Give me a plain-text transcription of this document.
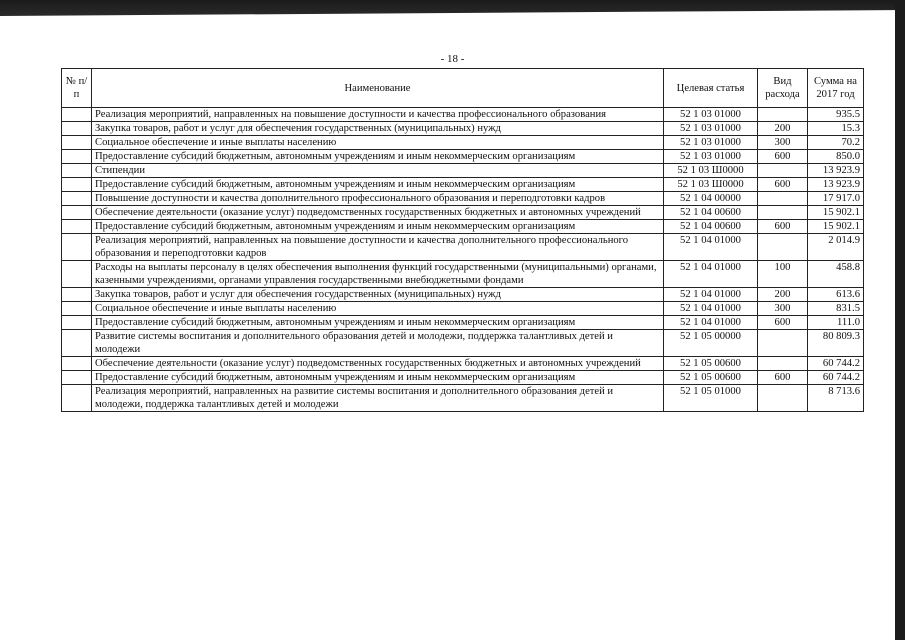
- 18 -
№ п/п	Наименование	Целевая статья	Вид расхода	Сумма на 2017 год
	Реализация мероприятий, направленных на повышение доступности и качества профессионального образования	52 1 03 01000		935.5
	Закупка товаров, работ и услуг для обеспечения государственных (муниципальных) нужд	52 1 03 01000	200	15.3
	Социальное обеспечение и иные выплаты населению	52 1 03 01000	300	70.2
	Предоставление субсидий бюджетным, автономным учреждениям и иным некоммерческим организациям	52 1 03 01000	600	850.0
	Стипендии	52 1 03 Ш0000		13 923.9
	Предоставление субсидий бюджетным, автономным учреждениям и иным некоммерческим организациям	52 1 03 Ш0000	600	13 923.9
	Повышение доступности и качества дополнительного профессионального образования и переподготовки кадров	52 1 04 00000		17 917.0
	Обеспечение деятельности (оказание услуг) подведомственных государственных бюджетных и автономных учреждений	52 1 04 00600		15 902.1
	Предоставление субсидий бюджетным, автономным учреждениям и иным некоммерческим организациям	52 1 04 00600	600	15 902.1
	Реализация мероприятий, направленных на повышение доступности и качества дополнительного профессионального образования и переподготовки кадров	52 1 04 01000		2 014.9
	Расходы на выплаты персоналу в целях обеспечения выполнения функций государственными (муниципальными) органами, казенными учреждениями, органами управления государственными внебюджетными фондами	52 1 04 01000	100	458.8
	Закупка товаров, работ и услуг для обеспечения государственных (муниципальных) нужд	52 1 04 01000	200	613.6
	Социальное обеспечение и иные выплаты населению	52 1 04 01000	300	831.5
	Предоставление субсидий бюджетным, автономным учреждениям и иным некоммерческим организациям	52 1 04 01000	600	111.0
	Развитие системы воспитания и дополнительного образования детей и молодежи, поддержка талантливых детей и молодежи	52 1 05 00000		80 809.3
	Обеспечение деятельности (оказание услуг) подведомственных государственных бюджетных и автономных учреждений	52 1 05 00600		60 744.2
	Предоставление субсидий бюджетным, автономным учреждениям и иным некоммерческим организациям	52 1 05 00600	600	60 744.2
	Реализация мероприятий, направленных на развитие системы воспитания и дополнительного образования детей и молодежи, поддержка талантливых детей и молодежи	52 1 05 01000		8 713.6
